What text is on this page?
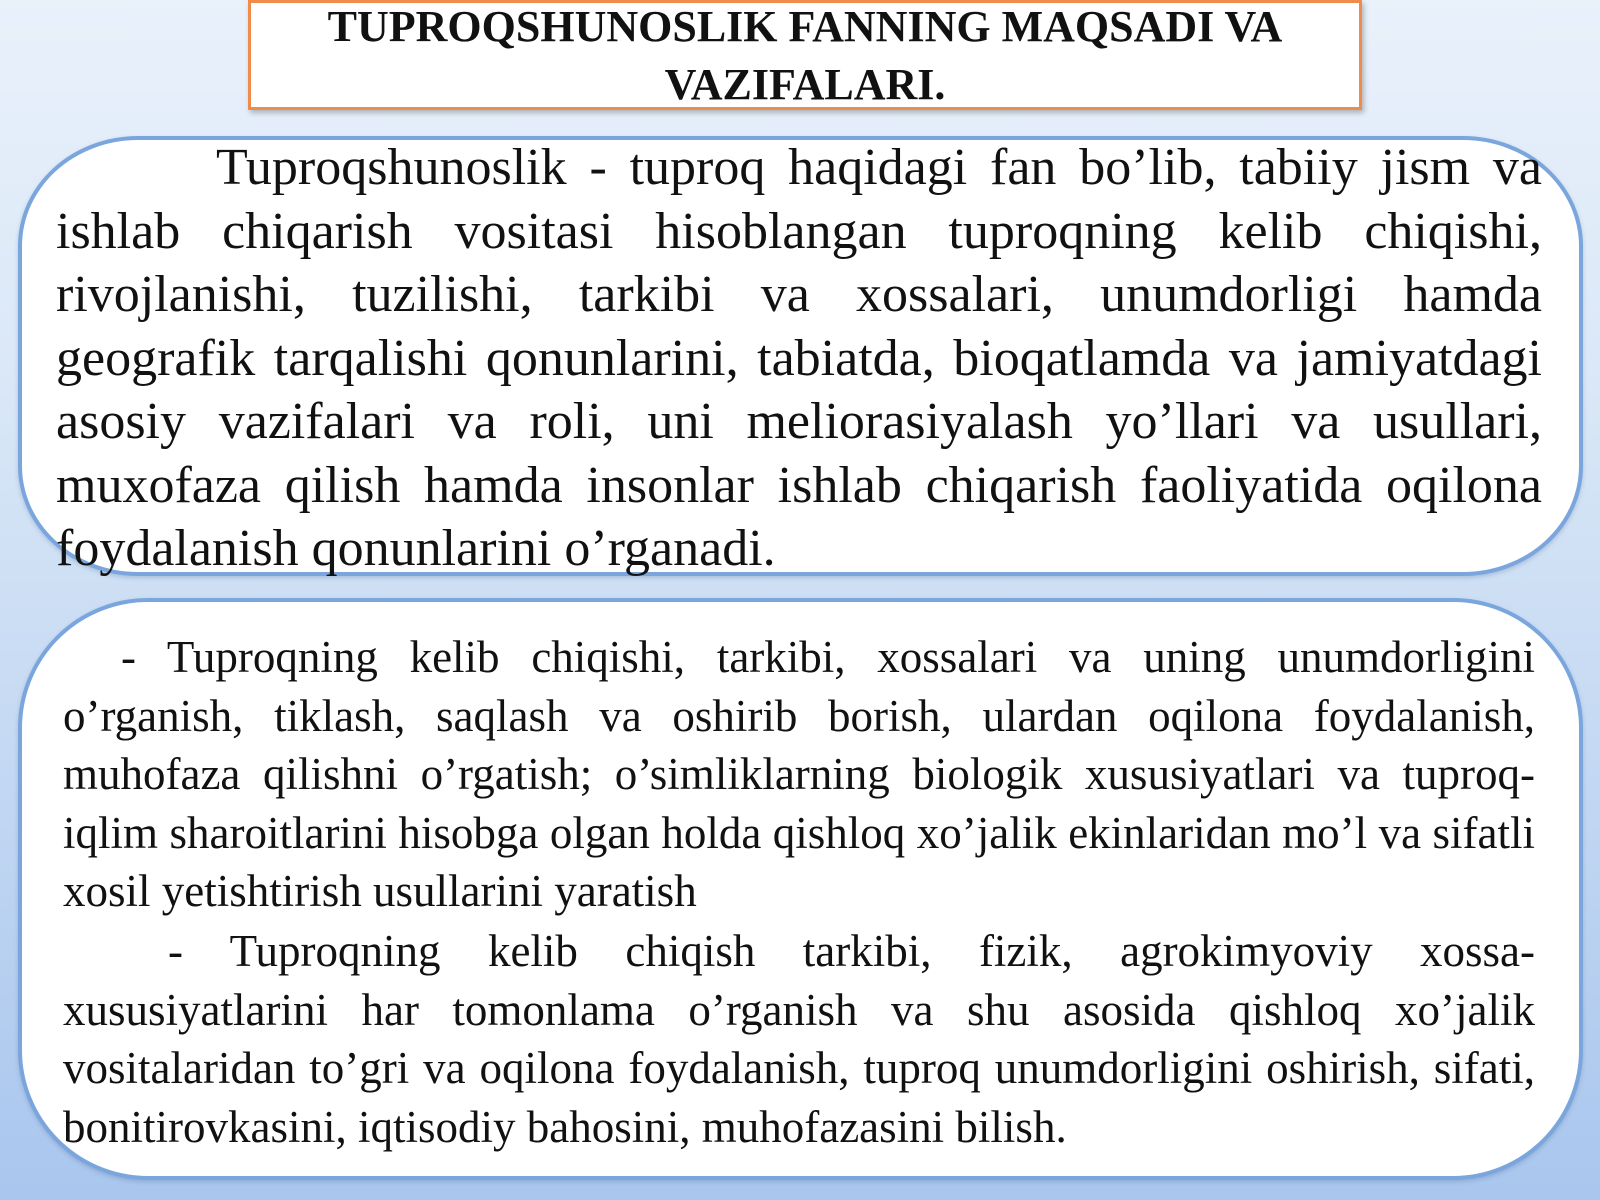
TUPROQSHUNOSLIK FANNING MAQSADI VA VAZIFALARI.

Tuproqshunoslik - tuproq haqidagi fan bo’lib, tabiiy jism va ishlab chiqarish vositasi hisoblangan tuproqning kelib chiqishi, rivojlanishi, tuzilishi, tarkibi va xossalari, unumdorligi hamda geografik tarqalishi qonunlarini, tabiatda, bioqatlamda va jamiyatdagi asosiy vazifalari va roli, uni meliorasiyalash yo’llari va usullari, muxofaza qilish hamda insonlar ishlab chiqarish faoliyatida oqilona foydalanish qonunlarini o’rganadi.

- Tuproqning kelib chiqishi, tarkibi, xossalari va uning unumdorligini o’rganish, tiklash, saqlash va oshirib borish, ulardan oqilona foydalanish, muhofaza qilishni o’rgatish; o’simliklarning biologik xususiyatlari va tuproq-iqlim sharoitlarini hisobga olgan holda qishloq xo’jalik ekinlaridan mo’l va sifatli xosil yetishtirish usullarini yaratish

- Tuproqning kelib chiqish tarkibi, fizik, agrokimyoviy xossa-xususiyatlarini har tomonlama o’rganish va shu asosida qishloq xo’jalik vositalaridan to’gri va oqilona foydalanish, tuproq unumdorligini oshirish, sifati, bonitirovkasini, iqtisodiy bahosini, muhofazasini bilish.
